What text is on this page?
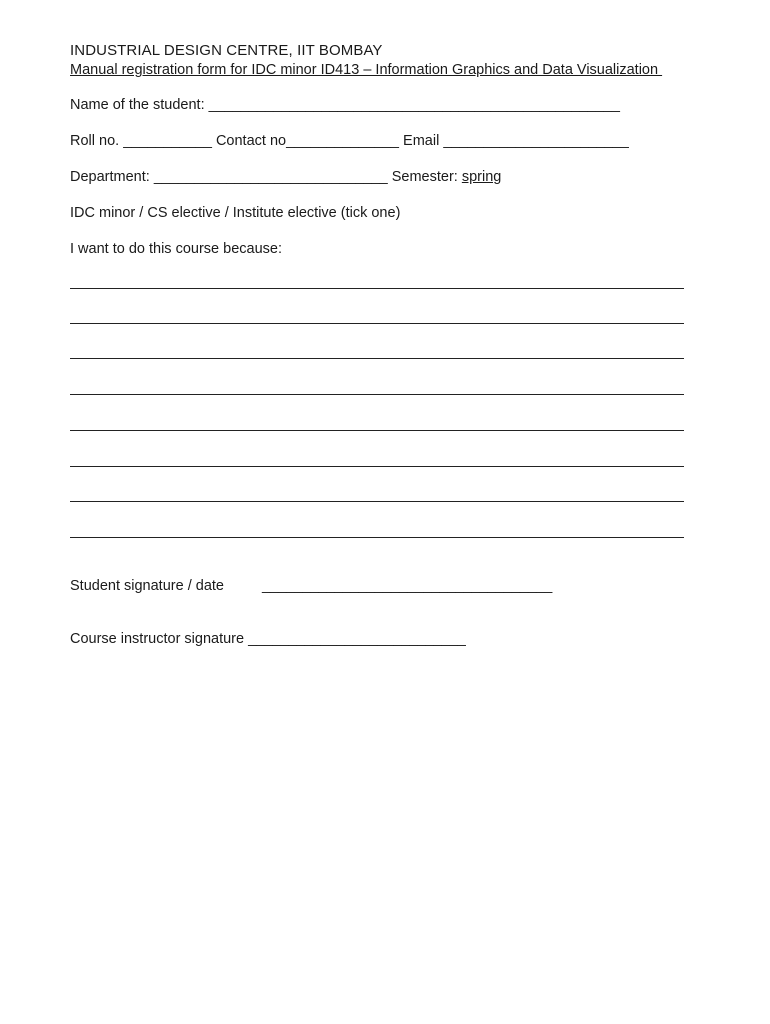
INDUSTRIAL DESIGN CENTRE, IIT BOMBAY
Manual registration form for IDC minor ID413 – Information Graphics and Data Visualization
Name of the student: ___________________________________________________
Roll no. ___________ Contact no______________ Email _______________________
Department: _____________________________ Semester: spring
IDC minor / CS elective / Institute elective (tick one)
I want to do this course because:
Student signature / date	____________________________________
Course instructor signature ___________________________
